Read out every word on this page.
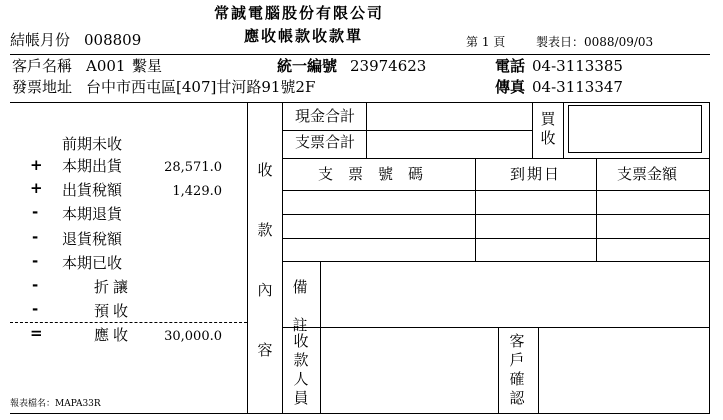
常誠電腦股份有限公司
應收帳款收款單
結帳月份 008809	第 1 頁	製表日：0088/09/03
客戶名稱 A001 繫星	統一編號 23974623	電話 04-3113385
發票地址 台中市西屯區[407]甘河路91號2F	傳真 04-3113347
前期未收
+ 本期出貨	28,571.0
+ 出貨稅額	1,429.0
- 本期退貨
- 退貨稅額
- 本期已收
-	折讓
-	預收
=	應收	30,000.0
收款內容
現金合計
支票合計
買收
支　票　號　碼	到期日	支票金額
備註
收款人員
客戶確認
報表檔名：MAPA33R
